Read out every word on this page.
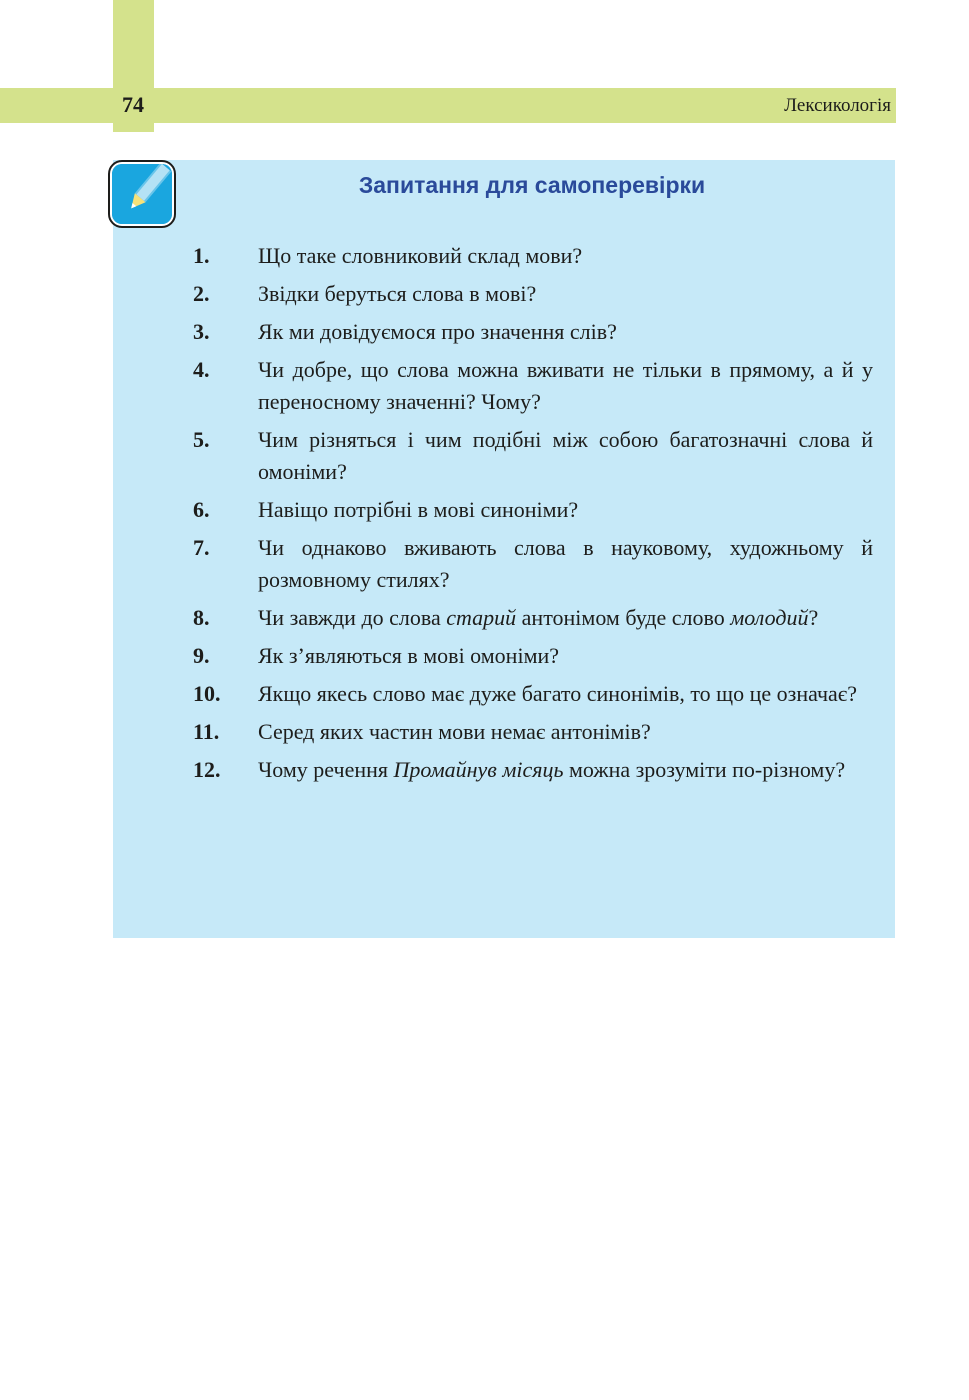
74	Лексикологія
Запитання для самоперевірки
1. Що таке словниковий склад мови?
2. Звідки беруться слова в мові?
3. Як ми довідуємося про значення слів?
4. Чи добре, що слова можна вживати не тільки в прямому, а й у переносному значенні? Чому?
5. Чим різняться і чим подібні між собою багатозначні слова й омоніми?
6. Навіщо потрібні в мові синоніми?
7. Чи однаково вживають слова в науковому, художньому й розмовному стилях?
8. Чи завжди до слова старий антонімом буде слово молодий?
9. Як з’являються в мові омоніми?
10. Якщо якесь слово має дуже багато синонімів, то що це означає?
11. Серед яких частин мови немає антонімів?
12. Чому речення Промайнув місяць можна зрозуміти по-різному?
